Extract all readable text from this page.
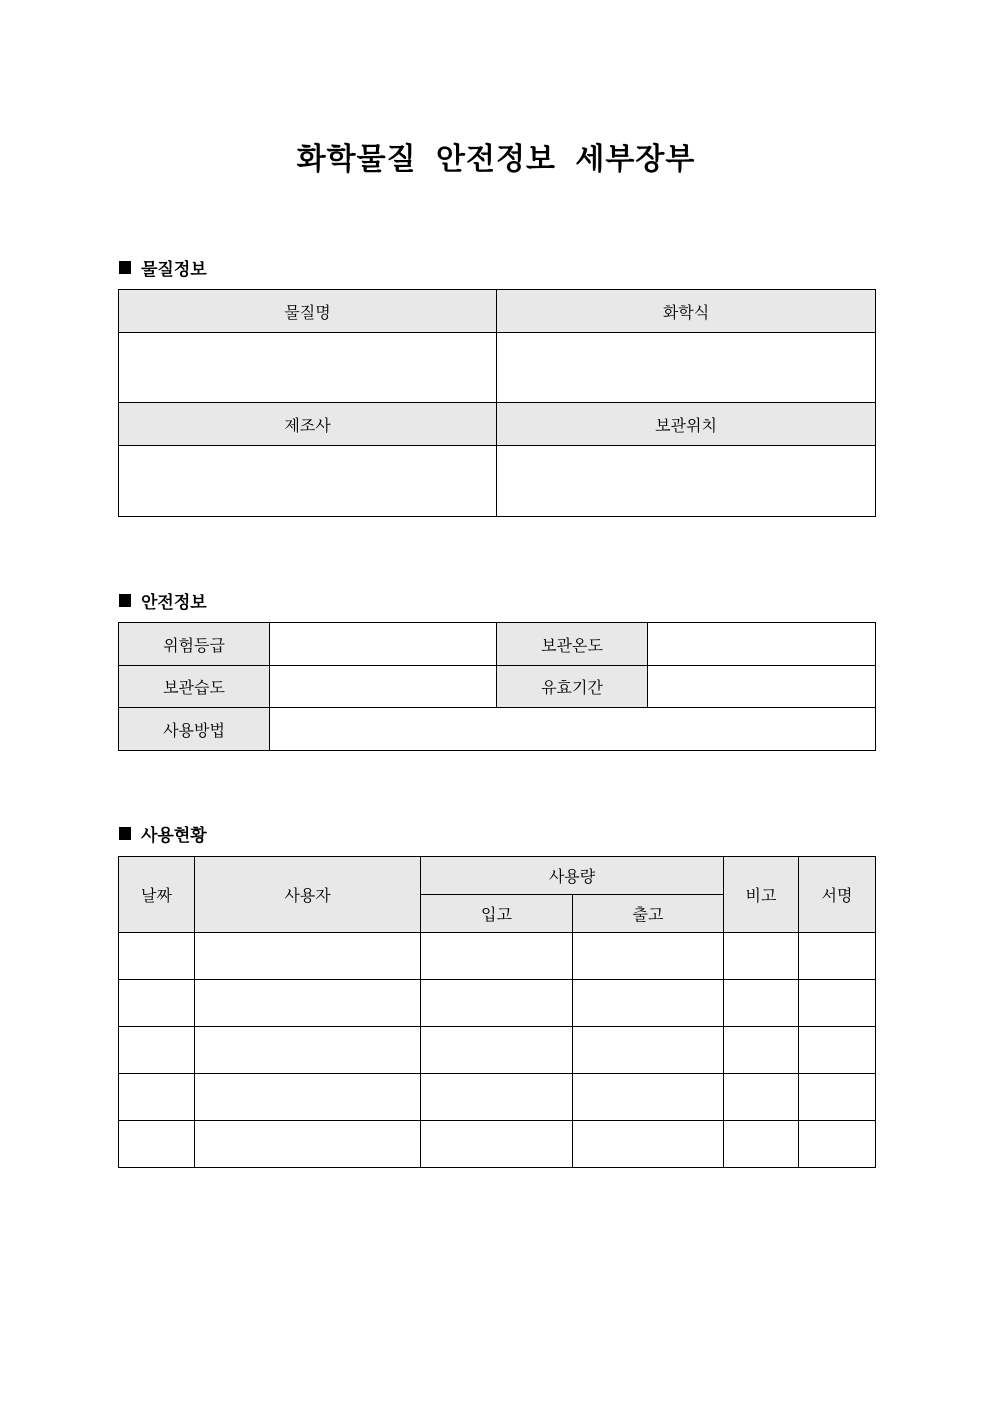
화학물질 안전정보 세부장부
물질정보
물질명	화학식

제조사	보관위치

안전정보
위험등급		보관온도	
보관습도		유효기간	
사용방법			
사용현황
날짜	사용자	사용량		비고	서명
		입고	출고		
